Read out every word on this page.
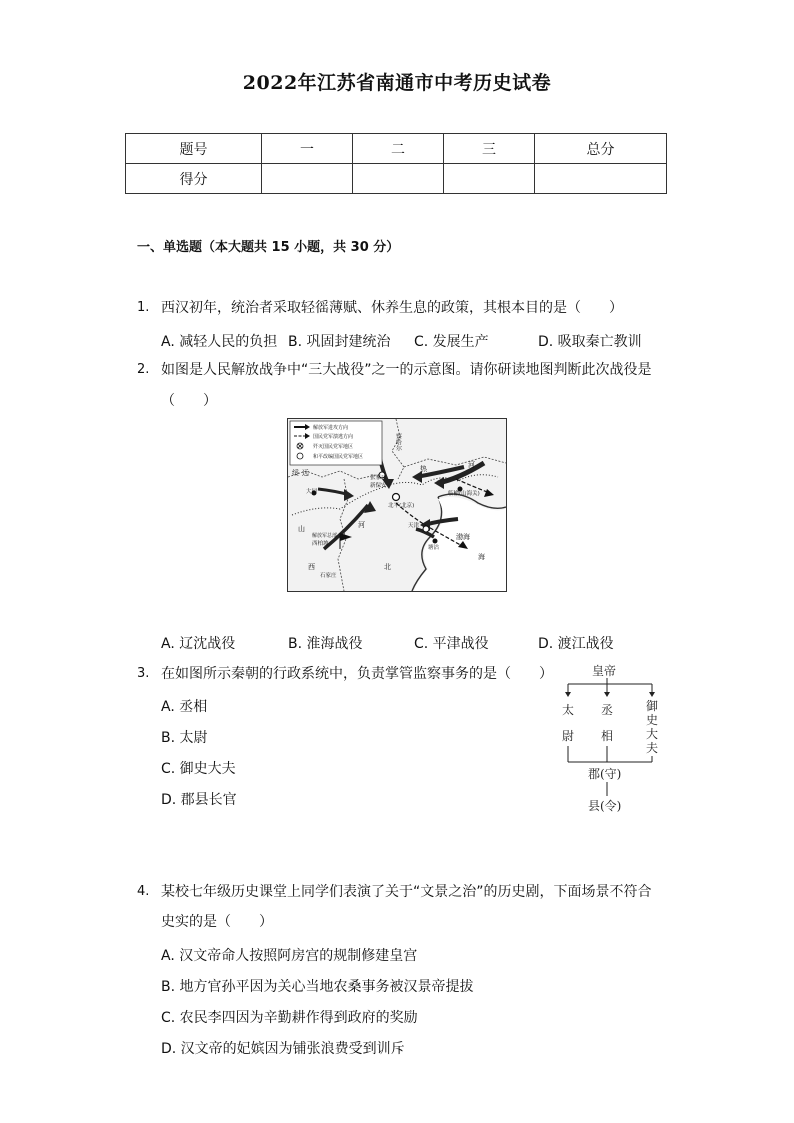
2022年江苏省南通市中考历史试卷
题号	一	二	三	总分
得分				
一、单选题（本大题共 15 小题，共 30 分）
1. 西汉初年，统治者采取轻徭薄赋、休养生息的政策，其根本目的是（　　）
A. 减轻人民的负担 B. 巩固封建统治 C. 发展生产	D. 吸取秦亡教训
2. 如图是人民解放战争中“三大战役”之一的示意图。请你研读地图判断此次战役是
（　　）
解放军进攻方向
国民党军溃逃方向
歼灭国民党军地区
和平改编国民党军地区
察哈尔
绥 远
张家口
新保安
大同
北平(北京)
临榆(山海关)
热	河
天津
塘沽
渤海
海
山	河
北
西
解放军总部
西柏坡
石家庄
A. 辽沈战役	B. 淮海战役	C. 平津战役	D. 渡江战役
3. 在如图所示秦朝的行政系统中，负责掌管监察事务的是（　　）
A. 丞相
B. 太尉
C. 御史大夫
D. 郡县长官
皇帝
太
尉
丞
相
御
史
大
夫
郡(守)
县(令)
4. 某校七年级历史课堂上同学们表演了关于“文景之治”的历史剧，下面场景不符合
史实的是（　　）
A. 汉文帝命人按照阿房宫的规制修建皇宫
B. 地方官孙平因为关心当地农桑事务被汉景帝提拔
C. 农民李四因为辛勤耕作得到政府的奖励
D. 汉文帝的妃嫔因为铺张浪费受到训斥
